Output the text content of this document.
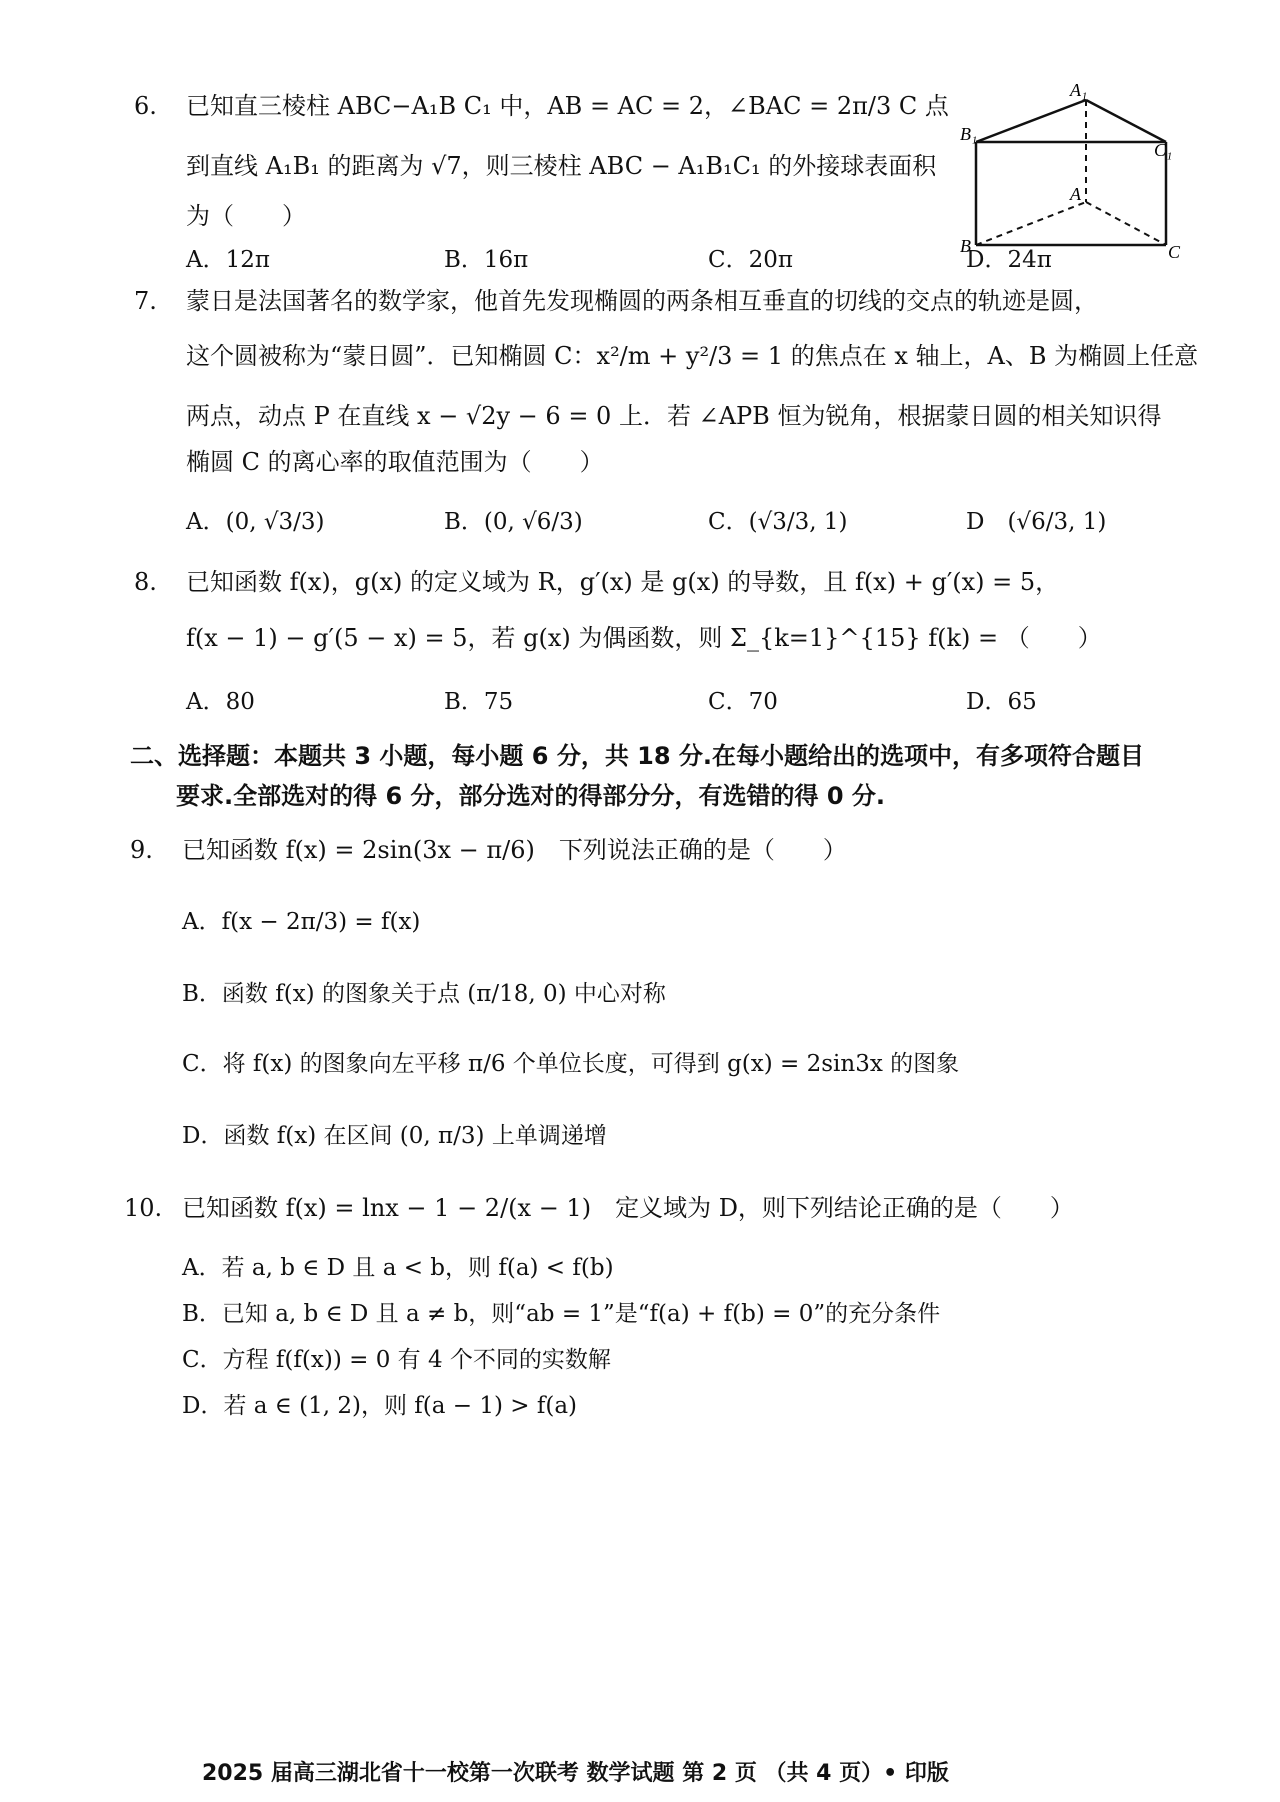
6. 已知直三棱柱 ABC−A₁B C₁ 中，AB = AC = 2，∠BAC = 2π/3 C 点
到直线 A₁B₁ 的距离为 √7，则三棱柱 ABC − A₁B₁C₁ 的外接球表面积
为（　　）
A₁
B₁
C₁
A
B	C
A．12π	B．16π	C．20π	D．24π
7. 蒙日是法国著名的数学家，他首先发现椭圆的两条相互垂直的切线的交点的轨迹是圆，
这个圆被称为“蒙日圆”．已知椭圆 C：x²/m + y²/3 = 1 的焦点在 x 轴上，A、B 为椭圆上任意
两点，动点 P 在直线 x − √2y − 6 = 0 上．若 ∠APB 恒为锐角，根据蒙日圆的相关知识得
椭圆 C 的离心率的取值范围为（　　）
A．(0, √3/3)	B．(0, √6/3)	C．(√3/3, 1)	D　(√6/3, 1)
8. 已知函数 f(x)，g(x) 的定义域为 R，g′(x) 是 g(x) 的导数，且 f(x) + g′(x) = 5，
f(x − 1) − g′(5 − x) = 5，若 g(x) 为偶函数，则 Σ_{k=1}^{15} f(k) = （　　）
A．80	B．75	C．70	D．65
二、选择题：本题共 3 小题，每小题 6 分，共 18 分.在每小题给出的选项中，有多项符合题目
要求.全部选对的得 6 分，部分选对的得部分分，有选错的得 0 分.
9. 已知函数 f(x) = 2sin(3x − π/6)　下列说法正确的是（　　）
A．f(x − 2π/3) = f(x)
B．函数 f(x) 的图象关于点 (π/18, 0) 中心对称
C．将 f(x) 的图象向左平移 π/6 个单位长度，可得到 g(x) = 2sin3x 的图象
D．函数 f(x) 在区间 (0, π/3) 上单调递增
10. 已知函数 f(x) = lnx − 1 − 2/(x − 1)　定义域为 D，则下列结论正确的是（　　）
A．若 a, b ∈ D 且 a < b，则 f(a) < f(b)
B．已知 a, b ∈ D 且 a ≠ b，则“ab = 1”是“f(a) + f(b) = 0”的充分条件
C．方程 f(f(x)) = 0 有 4 个不同的实数解
D．若 a ∈ (1, 2)，则 f(a − 1) > f(a)
2025 届高三湖北省十一校第一次联考 数学试题 第 2 页 （共 4 页）• 印版
